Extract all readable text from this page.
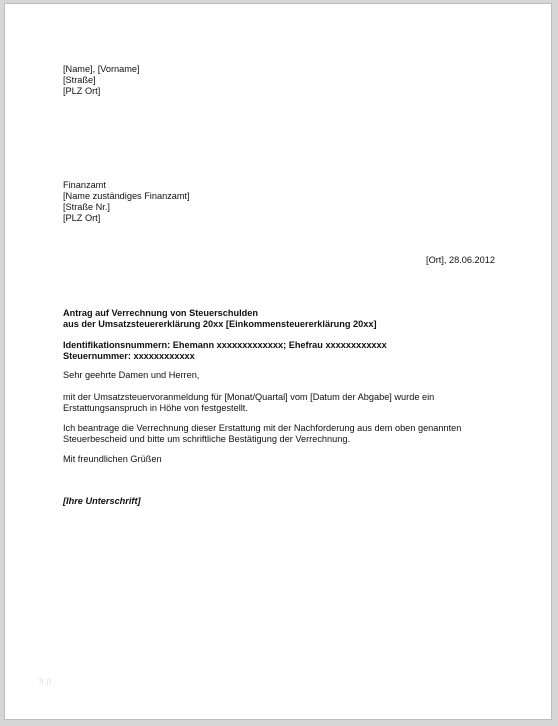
[Name], [Vorname]
[Straße]
[PLZ Ort]
Finanzamt
[Name zuständiges Finanzamt]
[Straße Nr.]
[PLZ Ort]
[Ort], 28.06.2012
Antrag auf Verrechnung von Steuerschulden
aus der Umsatzsteuererklärung 20xx [Einkommensteuererklärung 20xx]
Identifikationsnummern: Ehemann xxxxxxxxxxxxx; Ehefrau xxxxxxxxxxxx
Steuernummer: xxxxxxxxxxxx
Sehr geehrte Damen und Herren,
mit der Umsatzsteuervoranmeldung für [Monat/Quartal] vom [Datum der Abgabe] wurde ein
Erstattungsanspruch in Höhe von festgestellt.
Ich beantrage die Verrechnung dieser Erstattung mit der Nachforderung aus dem oben genannten
Steuerbescheid und bitte um schriftliche Bestätigung der Verrechnung.
Mit freundlichen Grüßen
[Ihre Unterschrift]
fr.p
